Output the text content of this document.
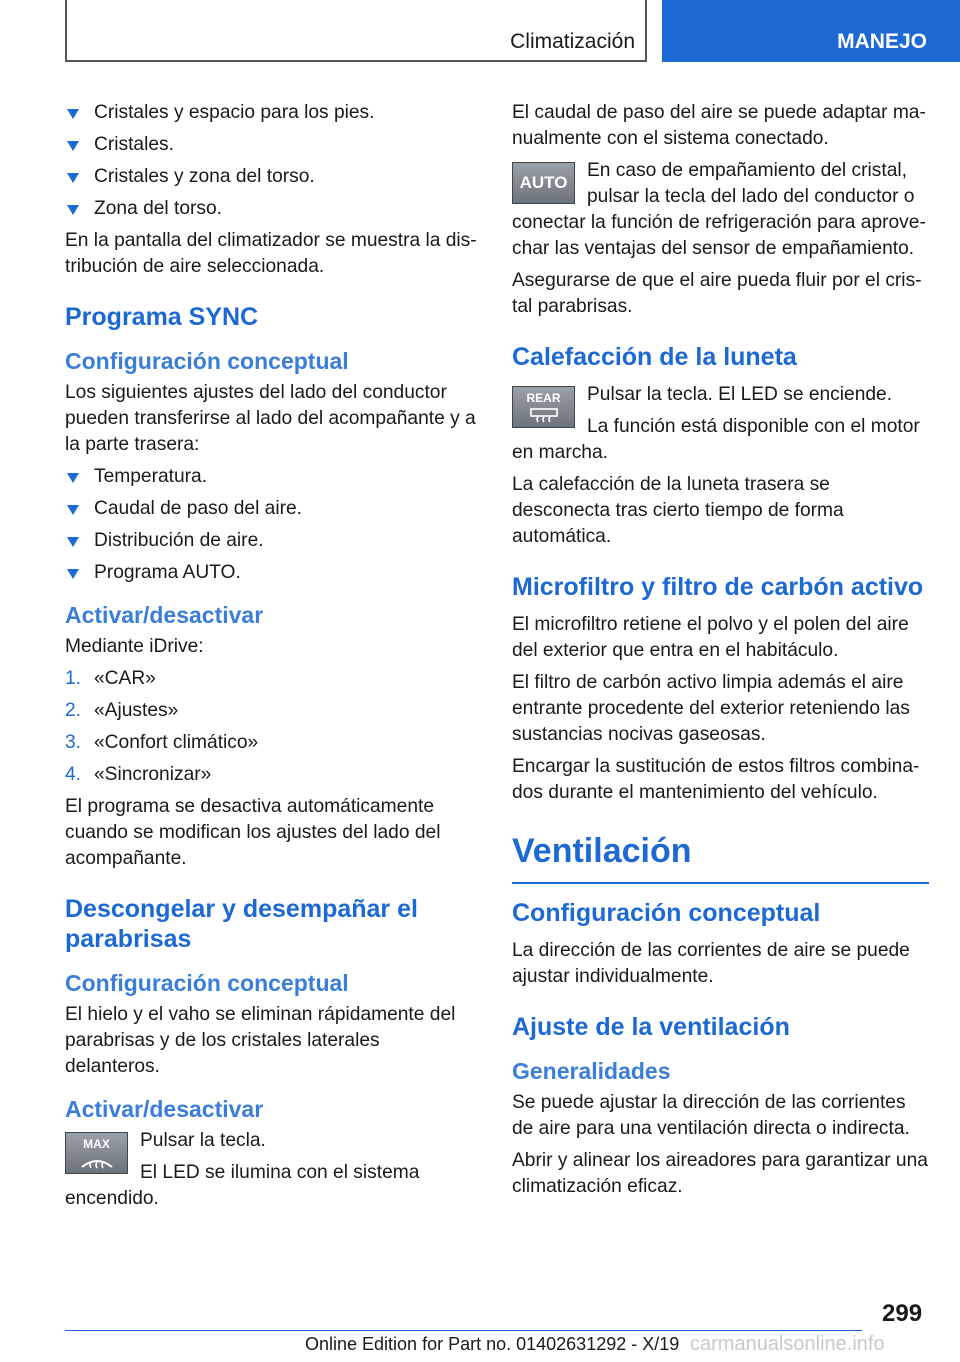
Climatización	MANEJO
Cristales y espacio para los pies.
Cristales.
Cristales y zona del torso.
Zona del torso.

En la pantalla del climatizador se muestra la distribución de aire seleccionada.

Programa SYNC
Configuración conceptual

Los siguientes ajustes del lado del conductor pueden transferirse al lado del acompañante y a la parte trasera:

Temperatura.
Caudal de paso del aire.
Distribución de aire.
Programa AUTO.
Activar/desactivar

Mediante iDrive:

1. «CAR»
2. «Ajustes»
3. «Confort climático»
4. «Sincronizar»

El programa se desactiva automáticamente cuando se modifican los ajustes del lado del acompañante.

Descongelar y desempañar el parabrisas
Configuración conceptual

El hielo y el vaho se eliminan rápidamente del parabrisas y de los cristales laterales delanteros.

Activar/desactivar
MAX	Pulsar la tecla.

El LED se ilumina con el sistema encendido.

El caudal de paso del aire se puede adaptar manualmente con el sistema conectado.

AUTO

En caso de empañamiento del cristal, pulsar la tecla del lado del conductor o conectar la función de refrigeración para aprovechar las ventajas del sensor de empañamiento.

Asegurarse de que el aire pueda fluir por el cristal parabrisas.

Calefacción de la luneta
REAR	Pulsar la tecla. El LED se enciende.

La función está disponible con el motor en marcha.

La calefacción de la luneta trasera se desconecta tras cierto tiempo de forma automática.

Microfiltro y filtro de carbón activo

El microfiltro retiene el polvo y el polen del aire del exterior que entra en el habitáculo.

El filtro de carbón activo limpia además el aire entrante procedente del exterior reteniendo las sustancias nocivas gaseosas.

Encargar la sustitución de estos filtros combinados durante el mantenimiento del vehículo.

Ventilación
Configuración conceptual

La dirección de las corrientes de aire se puede ajustar individualmente.

Ajuste de la ventilación
Generalidades

Se puede ajustar la dirección de las corrientes de aire para una ventilación directa o indirecta.

Abrir y alinear los aireadores para garantizar una climatización eficaz.

299
Online Edition for Part no. 01402631292 - X/19 carmanualsonline.info
